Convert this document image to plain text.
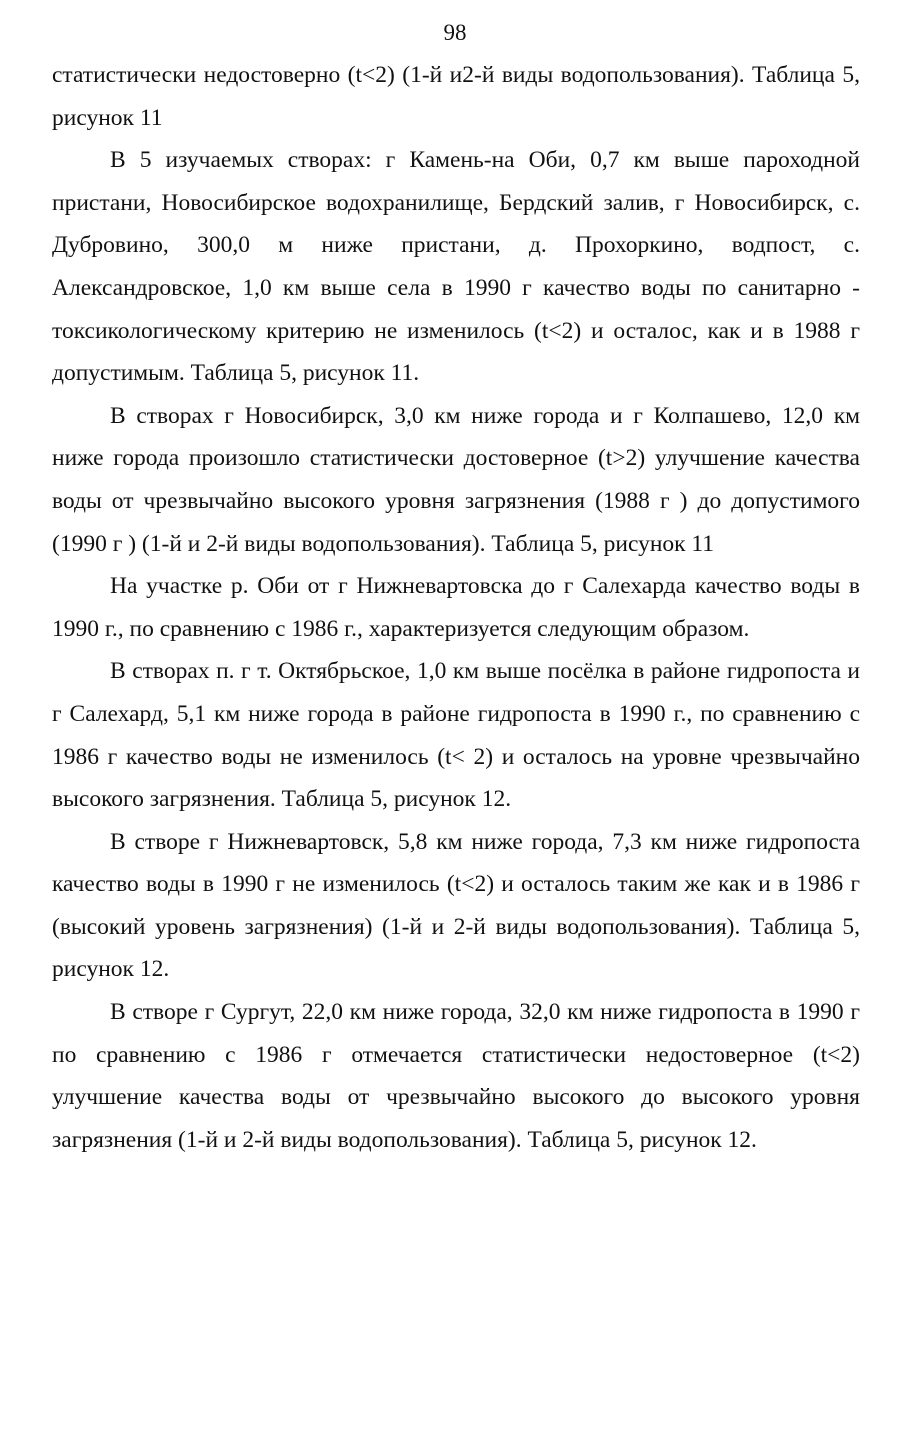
98

статистически недостоверно (t<2) (1-й и2-й виды водопользования). Таблица 5, рисунок 11

В 5 изучаемых створах: г Камень-на Оби, 0,7 км выше пароходной пристани, Новосибирское водохранилище, Бердский залив, г Новосибирск, с. Дубровино, 300,0 м ниже пристани, д. Прохоркино, водпост, с. Александровское, 1,0 км выше села в 1990 г качество воды по санитарно - токсикологическому критерию не изменилось (t<2) и осталос, как и в 1988 г допустимым. Таблица 5, рисунок 11.

В створах г Новосибирск, 3,0 км ниже города и г Колпашево, 12,0 км ниже города произошло статистически достоверное (t>2) улучшение качества воды от чрезвычайно высокого уровня загрязнения (1988 г ) до допустимого (1990 г ) (1-й и 2-й виды водопользования). Таблица 5, рисунок 11

На участке р. Оби от г Нижневартовска до г Салехарда качество воды в 1990 г., по сравнению с 1986 г., характеризуется следующим образом.

В створах п. г т. Октябрьское, 1,0 км выше посёлка в районе гидропоста и г Салехард, 5,1 км ниже города в районе гидропоста в 1990 г., по сравнению с 1986 г качество воды не изменилось (t< 2) и осталось на уровне чрезвычайно высокого загрязнения. Таблица 5, рисунок 12.

В створе г Нижневартовск, 5,8 км ниже города, 7,3 км ниже гидропоста качество воды в 1990 г не изменилось (t<2) и осталось таким же как и в 1986 г (высокий уровень загрязнения) (1-й и 2-й виды водопользования). Таблица 5, рисунок 12.

В створе г Сургут, 22,0 км ниже города, 32,0 км ниже гидропоста в 1990 г по сравнению с 1986 г отмечается статистически недостоверное (t<2) улучшение качества воды от чрезвычайно высокого до высокого уровня загрязнения (1-й и 2-й виды водопользования). Таблица 5, рисунок 12.
